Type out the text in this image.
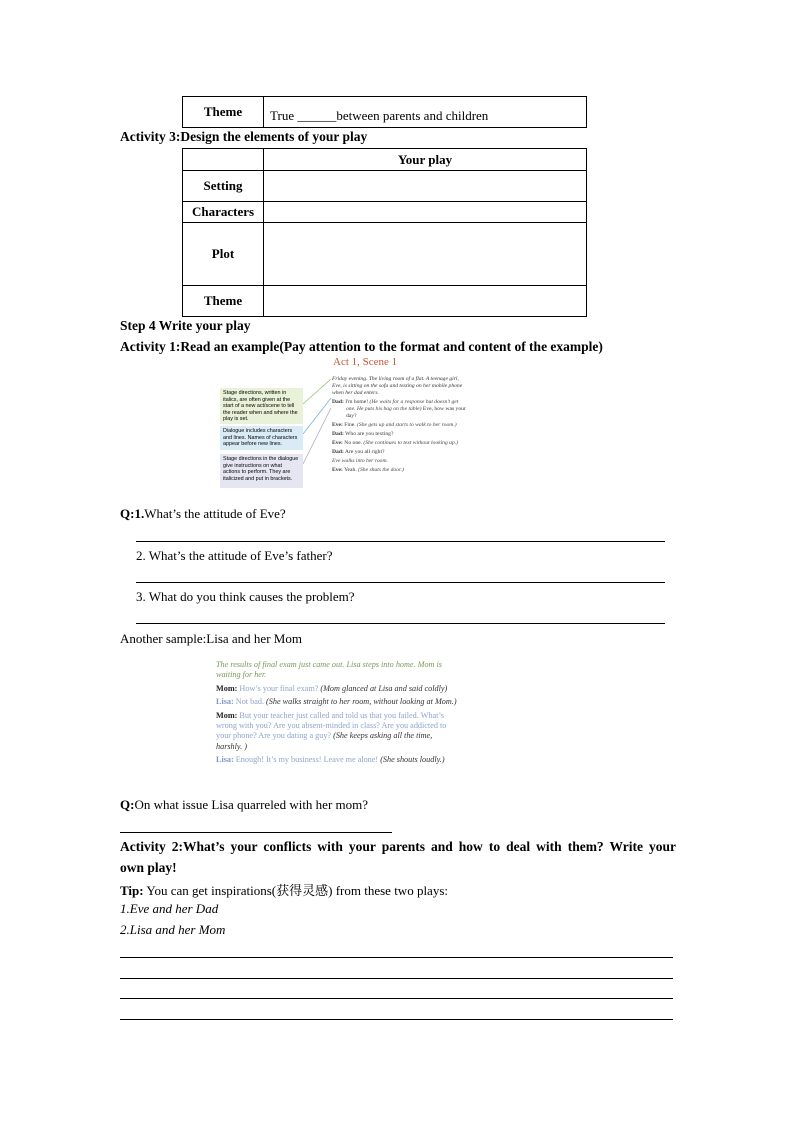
Theme	True ______between parents and children
Activity 3:Design the elements of your play
	Your play
Setting	
Characters	
Plot	
Theme	
Step 4 Write your play
Activity 1:Read an example(Pay attention to the format and content of the example)
Act 1, Scene 1
Stage directions, written in italics, are often given at the start of a new act/scene to tell the reader when and where the play is set.
Dialogue includes characters and lines. Names of characters appear before new lines.
Stage directions in the dialogue give instructions on what actions to perform. They are italicized and put in brackets.
Friday evening. The living room of a flat. A teenage girl, Eve, is sitting on the sofa and texting on her mobile phone when her dad enters.
Dad: I'm home! (He waits for a response but doesn't get one. He puts his bag on the table) Eve, how was your day?
Eve: Fine. (She gets up and starts to walk to her room.)
Dad: Who are you texting?
Eve: No one. (She continues to text without looking up.)
Dad: Are you all right?
Eve walks into her room.
Eve: Yeah. (She shuts the door.)
Q:1.What’s the attitude of Eve?
2. What’s the attitude of Eve’s father?
3. What do you think causes the problem?
Another sample:Lisa and her Mom
The results of final exam just came out. Lisa steps into home. Mom is waiting for her.
Mom: How’s your final exam? (Mom glanced at Lisa and said coldly)
Lisa: Not bad. (She walks straight to her room, without looking at Mom.)
Mom: But your teacher just called and told us that you failed. What’s wrong with you? Are you absent-minded in class? Are you addicted to your phone? Are you dating a guy? (She keeps asking all the time, harshly. )
Lisa: Enough! It’s my business! Leave me alone! (She shouts loudly.)
Q:On what issue Lisa quarreled with her mom?
Activity 2:What’s your conflicts with your parents and how to deal with them? Write your
own play!
Tip: You can get inspirations(获得灵感) from these two plays:
1.Eve and her Dad
2.Lisa and her Mom
